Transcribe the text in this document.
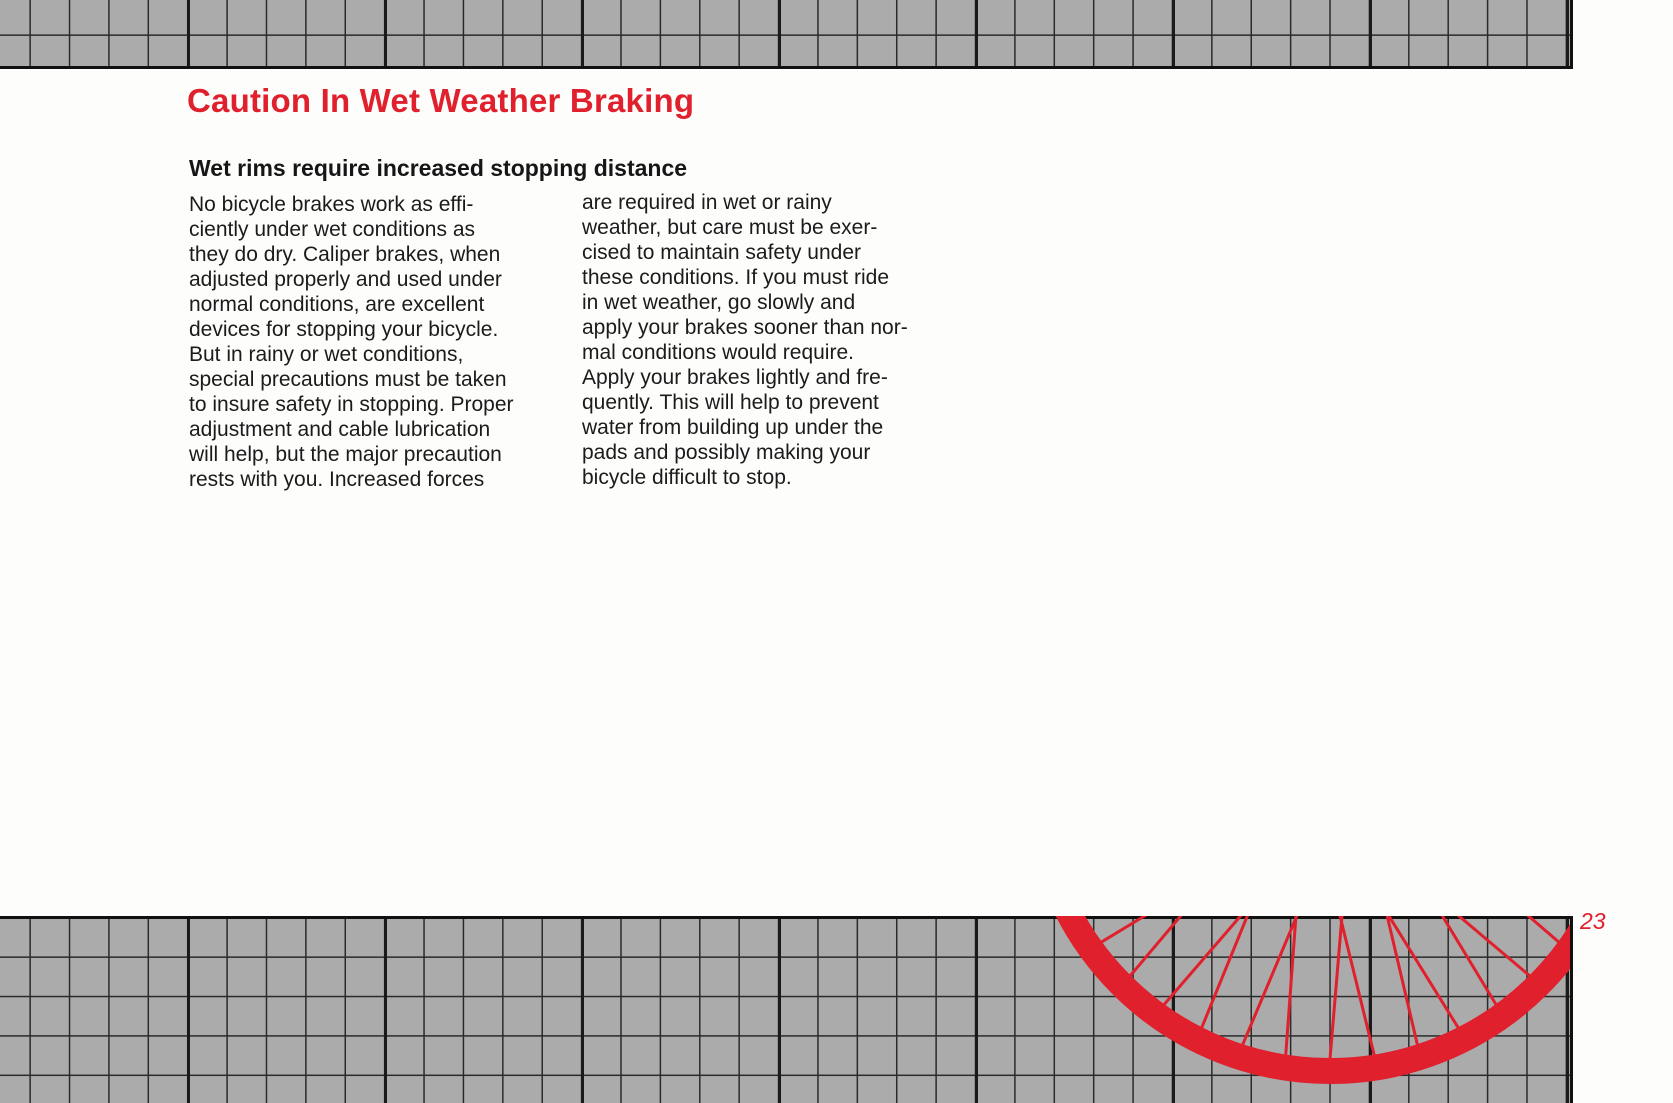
Caution In Wet Weather Braking
Wet rims require increased stopping distance
No bicycle brakes work as effi-
ciently under wet conditions as
they do dry. Caliper brakes, when
adjusted properly and used under
normal conditions, are excellent
devices for stopping your bicycle.
But in rainy or wet conditions,
special precautions must be taken
to insure safety in stopping. Proper
adjustment and cable lubrication
will help, but the major precaution
rests with you. Increased forces
are required in wet or rainy
weather, but care must be exer-
cised to maintain safety under
these conditions. If you must ride
in wet weather, go slowly and
apply your brakes sooner than nor-
mal conditions would require.
Apply your brakes lightly and fre-
quently. This will help to prevent
water from building up under the
pads and possibly making your
bicycle difficult to stop.
23
